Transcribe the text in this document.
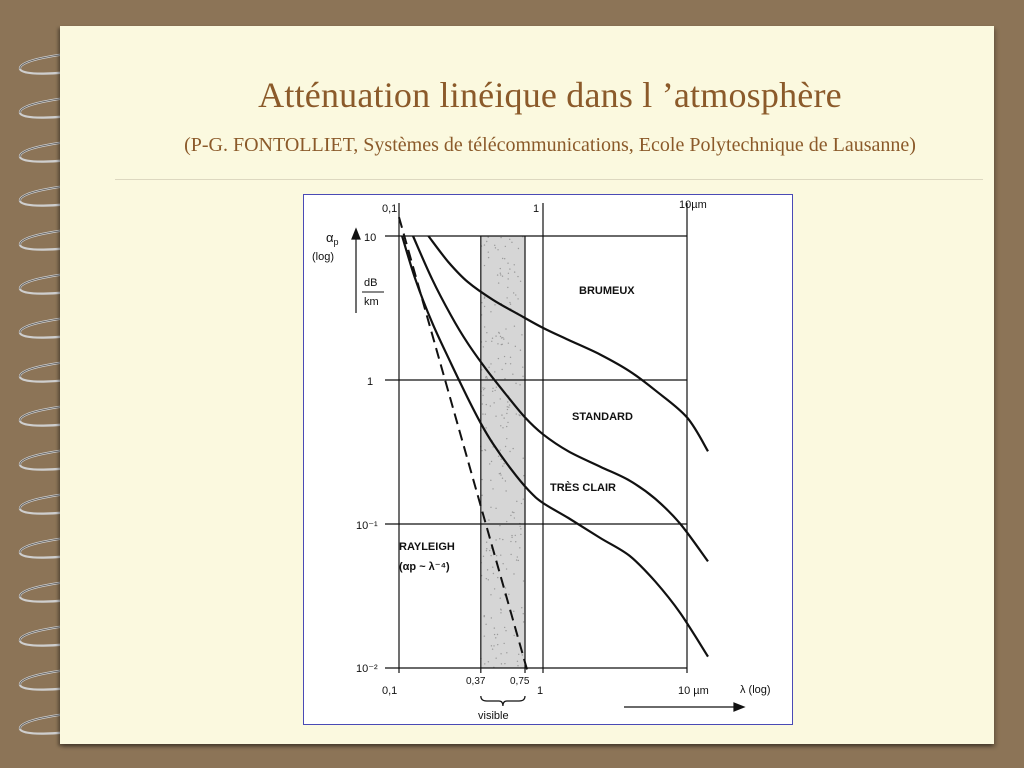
Atténuation linéique dans l ’atmosphère
(P-G. FONTOLLIET, Systèmes de télécommunications, Ecole Polytechnique de Lausanne)
0,1	1	10µm
10
1
10⁻¹
10⁻²
$\alpha_p$
(log)
dB
km
0,1
0,37 0,75
1	10 µm	λ (log)
visible
BRUMEUX
STANDARD
TRÈS CLAIR
RAYLEIGH
(αp ~ λ⁻⁴)
